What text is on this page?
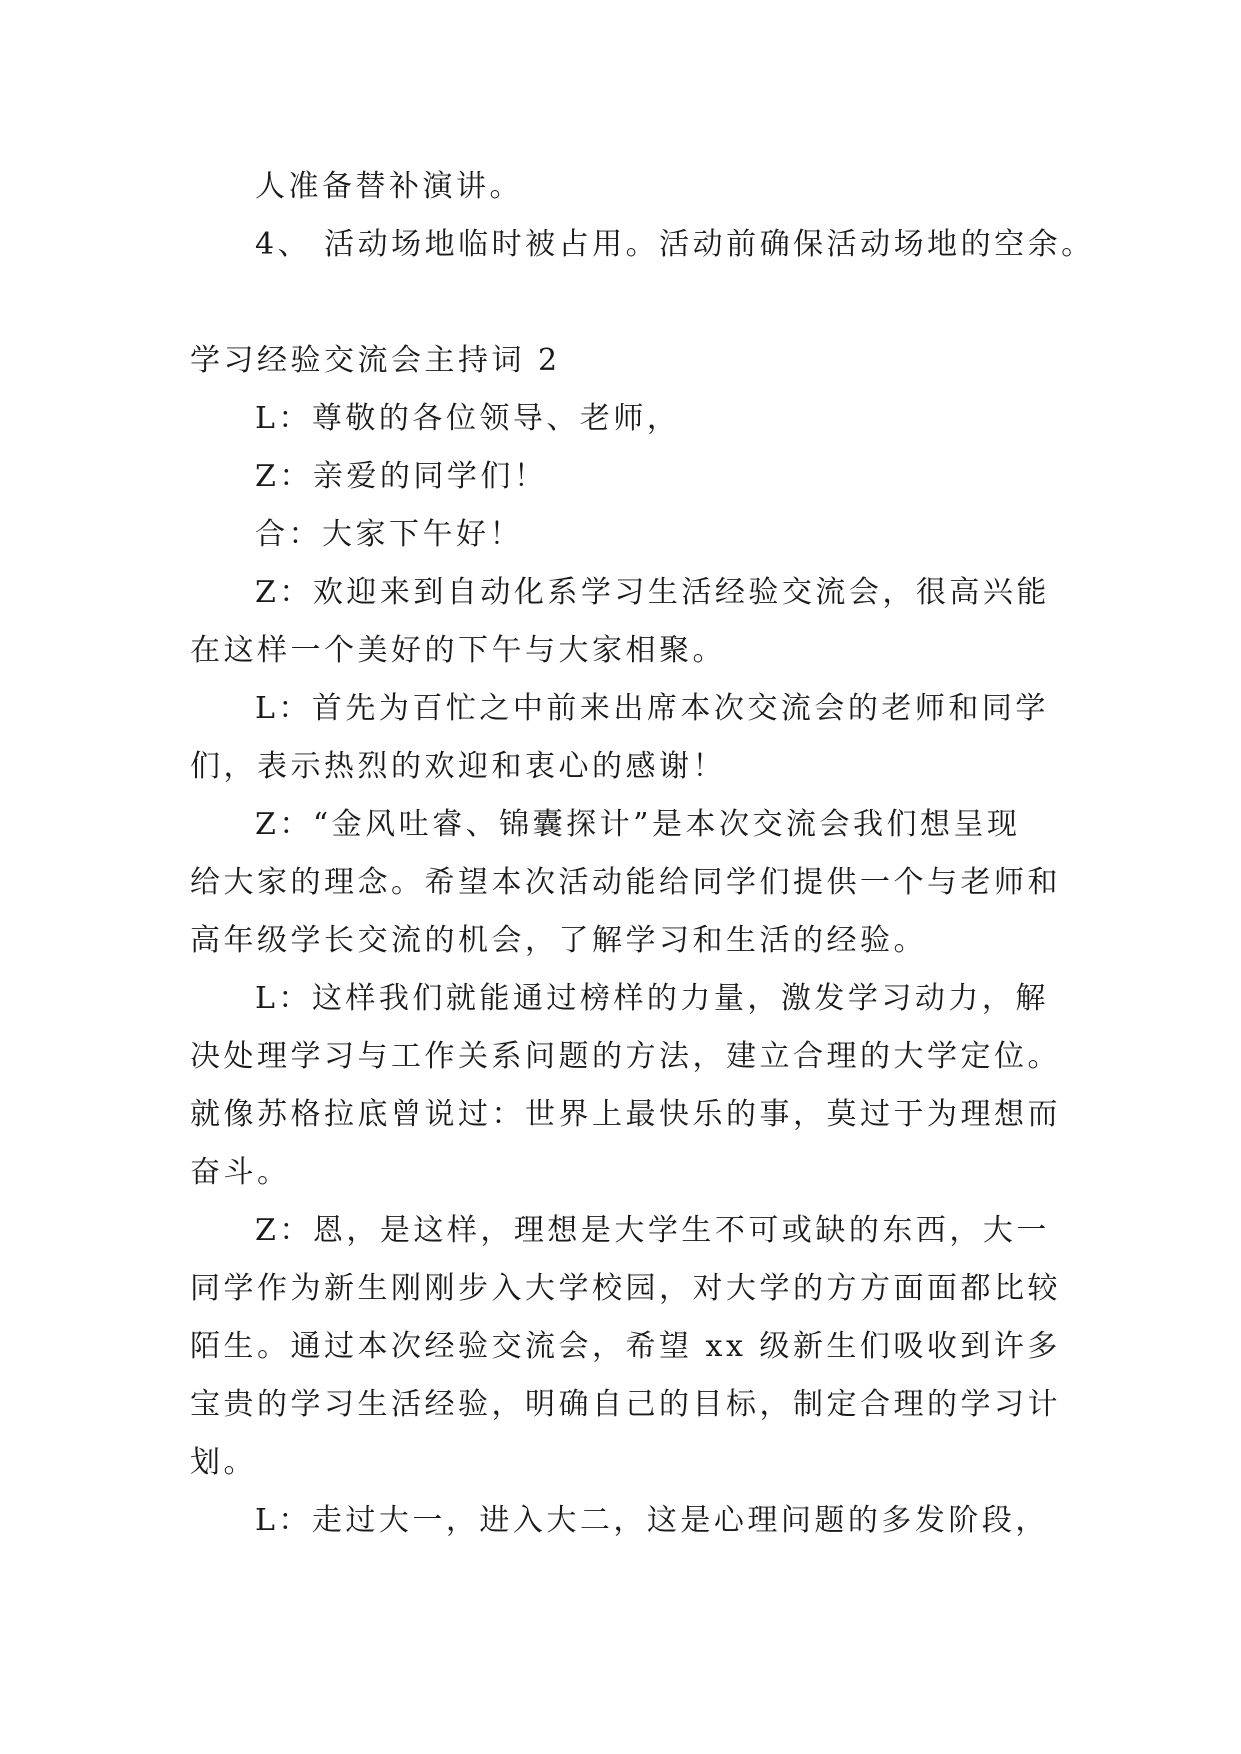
人准备替补演讲。
4、 活动场地临时被占用。活动前确保活动场地的空余。
学习经验交流会主持词 2
L：尊敬的各位领导、老师，
Z：亲爱的同学们！
合：大家下午好！
Z：欢迎来到自动化系学习生活经验交流会，很高兴能
在这样一个美好的下午与大家相聚。
L：首先为百忙之中前来出席本次交流会的老师和同学
们，表示热烈的欢迎和衷心的感谢！
Z：“金风吐睿、锦囊探计”是本次交流会我们想呈现
给大家的理念。希望本次活动能给同学们提供一个与老师和
高年级学长交流的机会，了解学习和生活的经验。
L：这样我们就能通过榜样的力量，激发学习动力，解
决处理学习与工作关系问题的方法，建立合理的大学定位。
就像苏格拉底曾说过：世界上最快乐的事，莫过于为理想而
奋斗。
Z：恩，是这样，理想是大学生不可或缺的东西，大一
同学作为新生刚刚步入大学校园，对大学的方方面面都比较
陌生。通过本次经验交流会，希望 xx 级新生们吸收到许多
宝贵的学习生活经验，明确自己的目标，制定合理的学习计
划。
L：走过大一，进入大二，这是心理问题的多发阶段，
